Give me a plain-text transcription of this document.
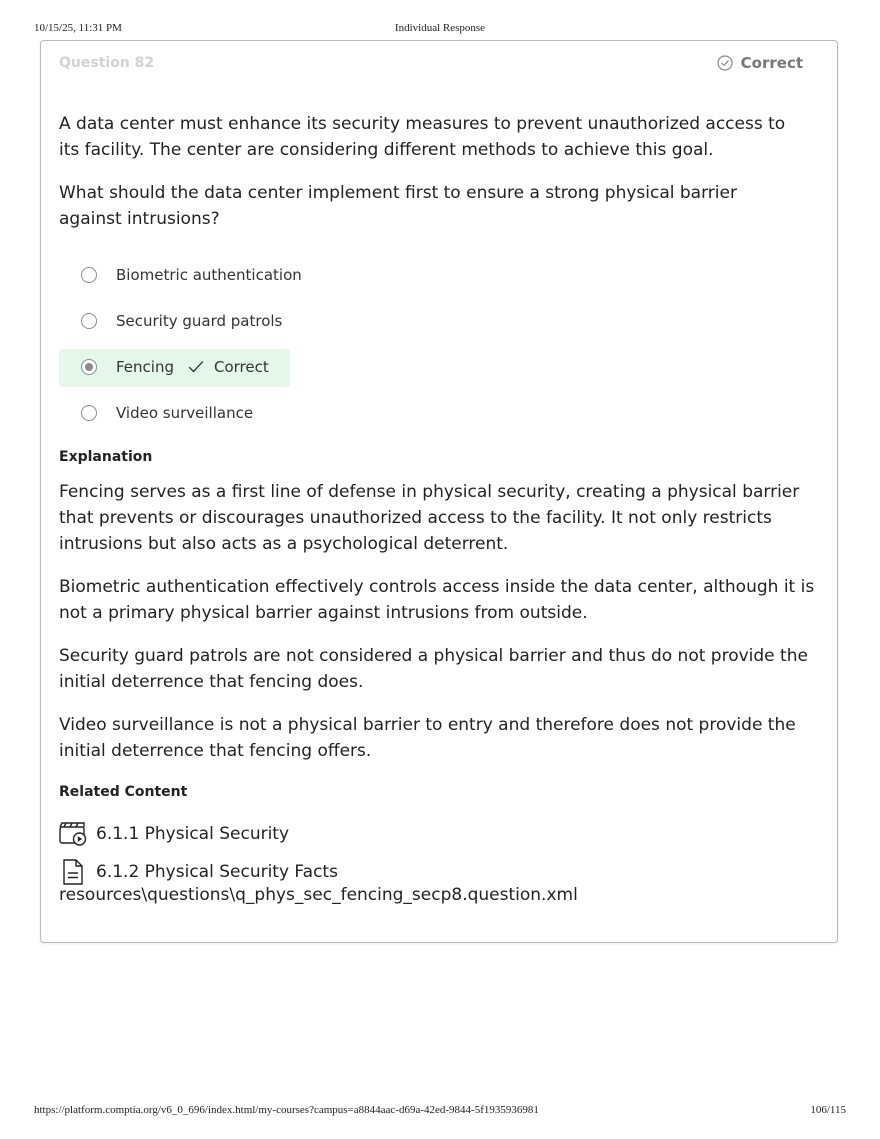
10/15/25, 11:31 PM	Individual Response
Question 82	Correct

A data center must enhance its security measures to prevent unauthorized access to its facility. The center are considering different methods to achieve this goal.

What should the data center implement first to ensure a strong physical barrier against intrusions?

Biometric authentication
Security guard patrols
Fencing	Correct
Video surveillance
Explanation

Fencing serves as a first line of defense in physical security, creating a physical barrier that prevents or discourages unauthorized access to the facility. It not only restricts intrusions but also acts as a psychological deterrent.

Biometric authentication effectively controls access inside the data center, although it is not a primary physical barrier against intrusions from outside.

Security guard patrols are not considered a physical barrier and thus do not provide the initial deterrence that fencing does.

Video surveillance is not a physical barrier to entry and therefore does not provide the initial deterrence that fencing offers.

Related Content
6.1.1 Physical Security
6.1.2 Physical Security Facts
resources\questions\q_phys_sec_fencing_secp8.question.xml
https://platform.comptia.org/v6_0_696/index.html/my-courses?campus=a8844aac-d69a-42ed-9844-5f1935936981	106/115
